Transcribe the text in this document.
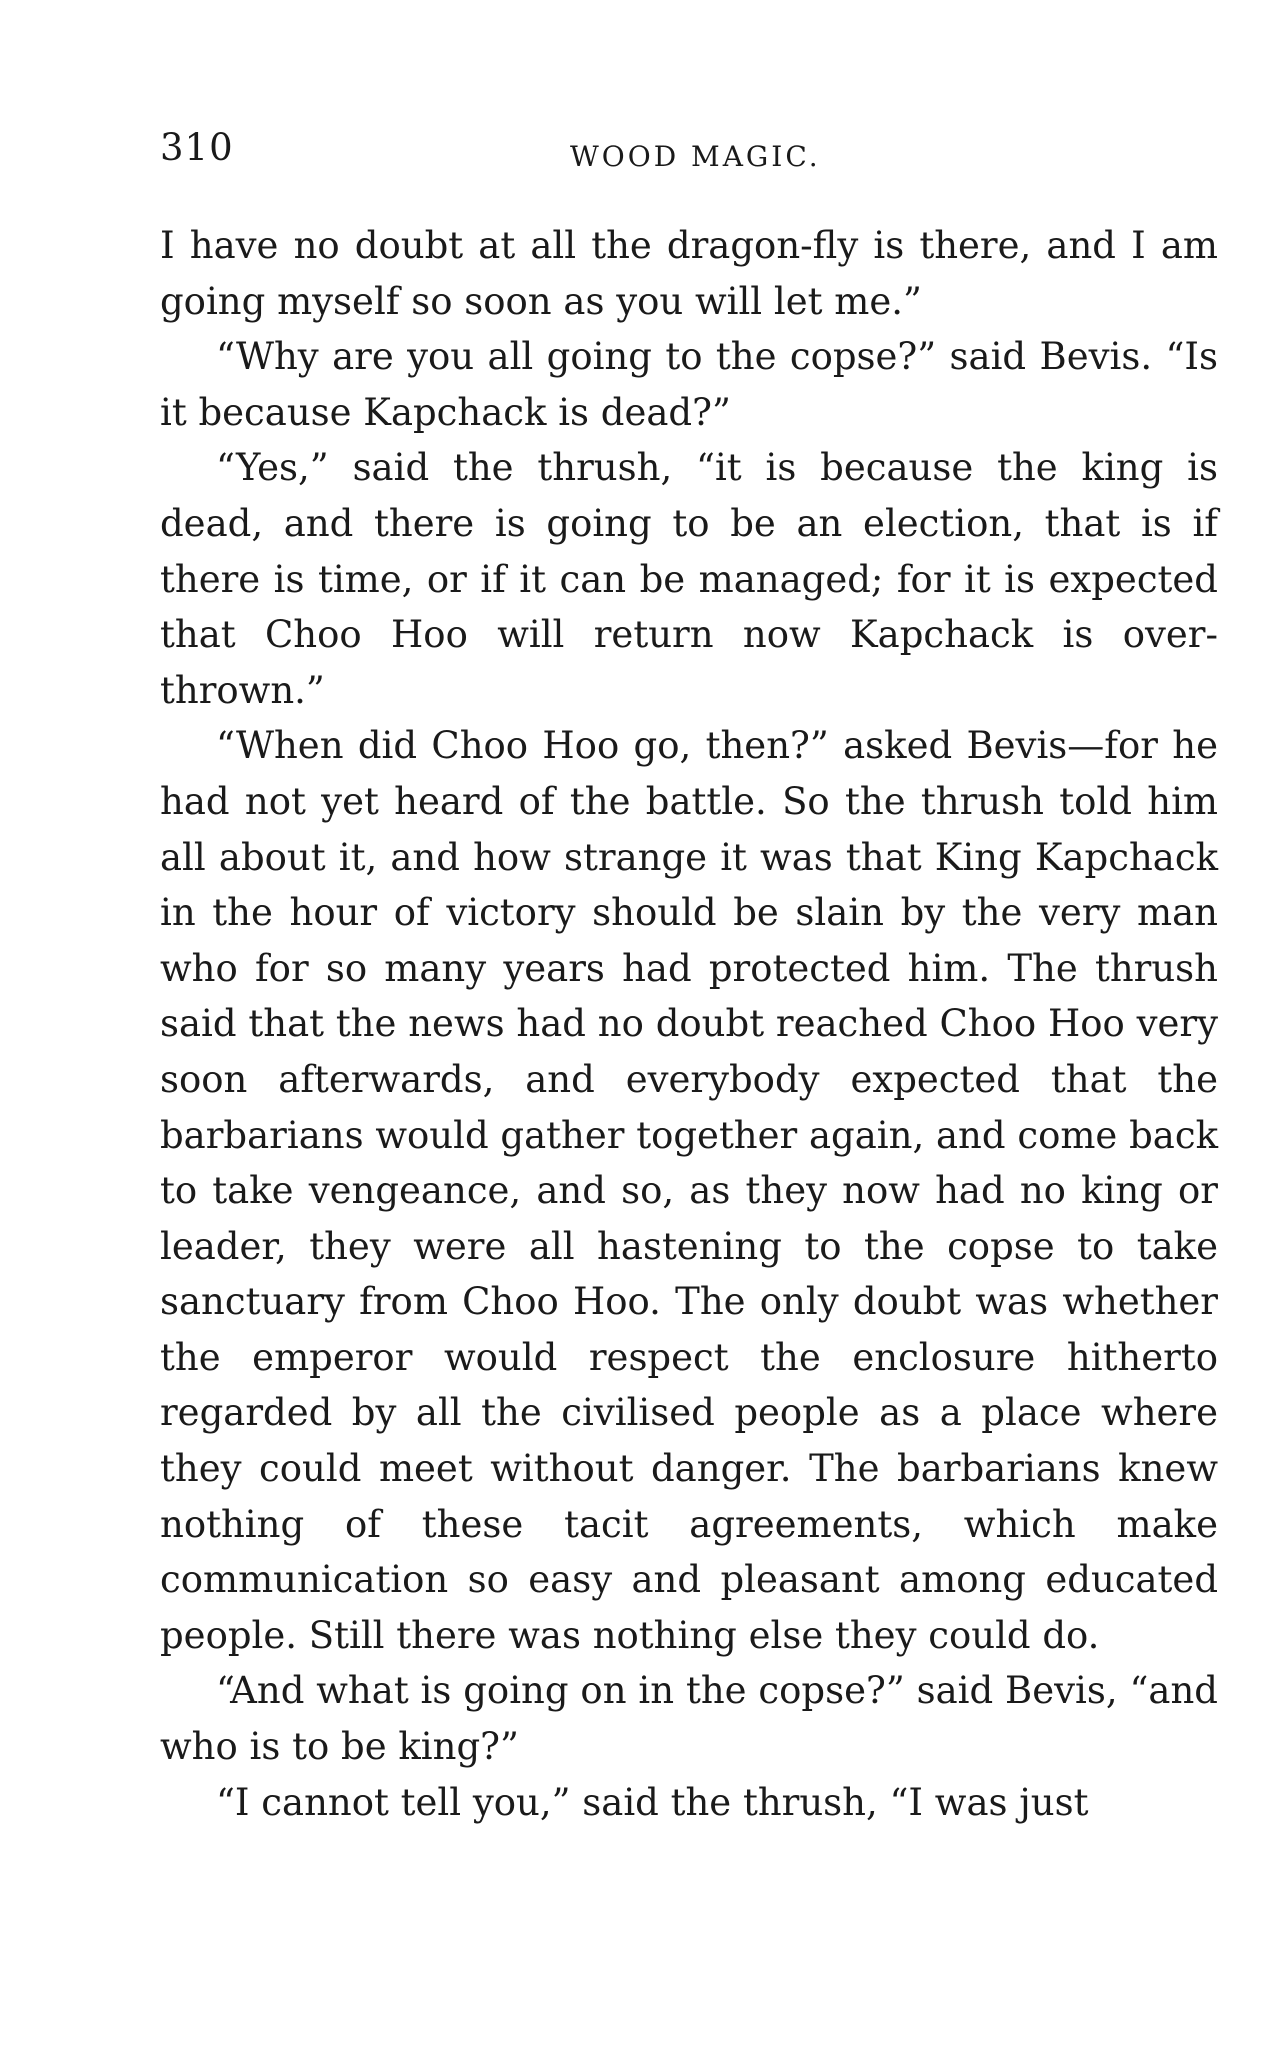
310	WOOD MAGIC.

I have no doubt at all the dragon-fly is there, and I am going myself so soon as you will let me.”

“Why are you all going to the copse?” said Bevis. “Is it because Kapchack is dead?”

“Yes,” said the thrush, “it is because the king is dead, and there is going to be an election, that is if there is time, or if it can be managed; for it is expected that Choo Hoo will return now Kapchack is overthrown.”

“When did Choo Hoo go, then?” asked Bevis—for he had not yet heard of the battle. So the thrush told him all about it, and how strange it was that King Kapchack in the hour of victory should be slain by the very man who for so many years had protected him. The thrush said that the news had no doubt reached Choo Hoo very soon afterwards, and everybody expected that the barbarians would gather together again, and come back to take vengeance, and so, as they now had no king or leader, they were all hastening to the copse to take sanctuary from Choo Hoo. The only doubt was whether the emperor would respect the enclosure hitherto regarded by all the civilised people as a place where they could meet without danger. The barbarians knew nothing of these tacit agreements, which make communication so easy and pleasant among educated people. Still there was nothing else they could do.

“And what is going on in the copse?” said Bevis, “and who is to be king?”

“I cannot tell you,” said the thrush, “I was just
